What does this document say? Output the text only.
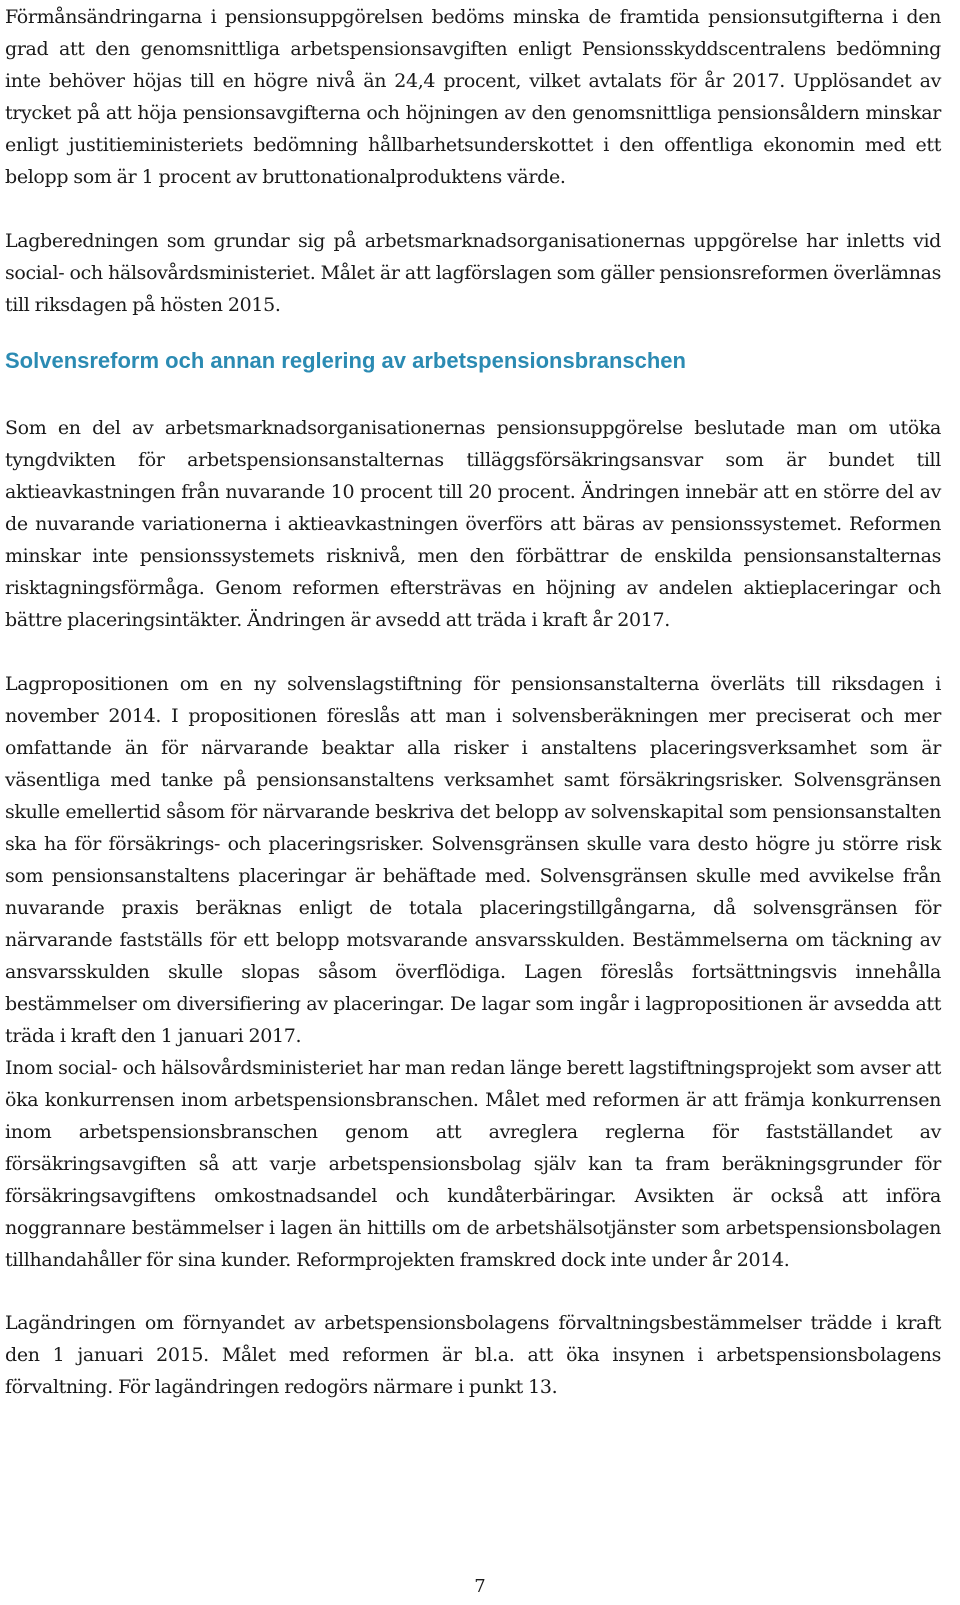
Förmånsändringarna i pensionsuppgörelsen bedöms minska de framtida pensionsutgifterna i den grad att den genomsnittliga arbetspensionsavgiften enligt Pensionsskyddscentralens bedömning inte behöver höjas till en högre nivå än 24,4 procent, vilket avtalats för år 2017. Upplösandet av trycket på att höja pensionsavgifterna och höjningen av den genomsnittliga pensionsåldern minskar enligt justitieministeriets bedömning hållbarhetsunderskottet i den offentliga ekonomin med ett belopp som är 1 procent av bruttonationalproduktens värde.

Lagberedningen som grundar sig på arbetsmarknadsorganisationernas uppgörelse har inletts vid social- och hälsovårdsministeriet. Målet är att lagförslagen som gäller pensionsreformen överlämnas till riksdagen på hösten 2015.

Solvensreform och annan reglering av arbetspensionsbranschen

Som en del av arbetsmarknadsorganisationernas pensionsuppgörelse beslutade man om utöka tyngdvikten för arbetspensionsanstalternas tilläggsförsäkringsansvar som är bundet till aktieavkastningen från nuvarande 10 procent till 20 procent. Ändringen innebär att en större del av de nuvarande variationerna i aktieavkastningen överförs att bäras av pensionssystemet. Reformen minskar inte pensionssystemets risknivå, men den förbättrar de enskilda pensionsanstalternas risktagningsförmåga. Genom reformen eftersträvas en höjning av andelen aktieplaceringar och bättre placeringsintäkter. Ändringen är avsedd att träda i kraft år 2017.

Lagpropositionen om en ny solvenslagstiftning för pensionsanstalterna överläts till riksdagen i november 2014. I propositionen föreslås att man i solvensberäkningen mer preciserat och mer omfattande än för närvarande beaktar alla risker i anstaltens placeringsverksamhet som är väsentliga med tanke på pensionsanstaltens verksamhet samt försäkringsrisker. Solvensgränsen skulle emellertid såsom för närvarande beskriva det belopp av solvenskapital som pensionsanstalten ska ha för försäkrings- och placeringsrisker. Solvensgränsen skulle vara desto högre ju större risk som pensionsanstaltens placeringar är behäftade med. Solvensgränsen skulle med avvikelse från nuvarande praxis beräknas enligt de totala placeringstillgångarna, då solvensgränsen för närvarande fastställs för ett belopp motsvarande ansvarsskulden. Bestämmelserna om täckning av ansvarsskulden skulle slopas såsom överflödiga. Lagen föreslås fortsättningsvis innehålla bestämmelser om diversifiering av placeringar. De lagar som ingår i lagpropositionen är avsedda att träda i kraft den 1 januari 2017.

Inom social- och hälsovårdsministeriet har man redan länge berett lagstiftningsprojekt som avser att öka konkurrensen inom arbetspensionsbranschen. Målet med reformen är att främja konkurrensen inom arbetspensionsbranschen genom att avreglera reglerna för fastställandet av försäkringsavgiften så att varje arbetspensionsbolag själv kan ta fram beräkningsgrunder för försäkringsavgiftens omkostnadsandel och kundåterbäringar. Avsikten är också att införa noggrannare bestämmelser i lagen än hittills om de arbetshälsotjänster som arbetspensionsbolagen tillhandahåller för sina kunder. Reformprojekten framskred dock inte under år 2014.

Lagändringen om förnyandet av arbetspensionsbolagens förvaltningsbestämmelser trädde i kraft den 1 januari 2015. Målet med reformen är bl.a. att öka insynen i arbetspensionsbolagens förvaltning. För lagändringen redogörs närmare i punkt 13.

7
